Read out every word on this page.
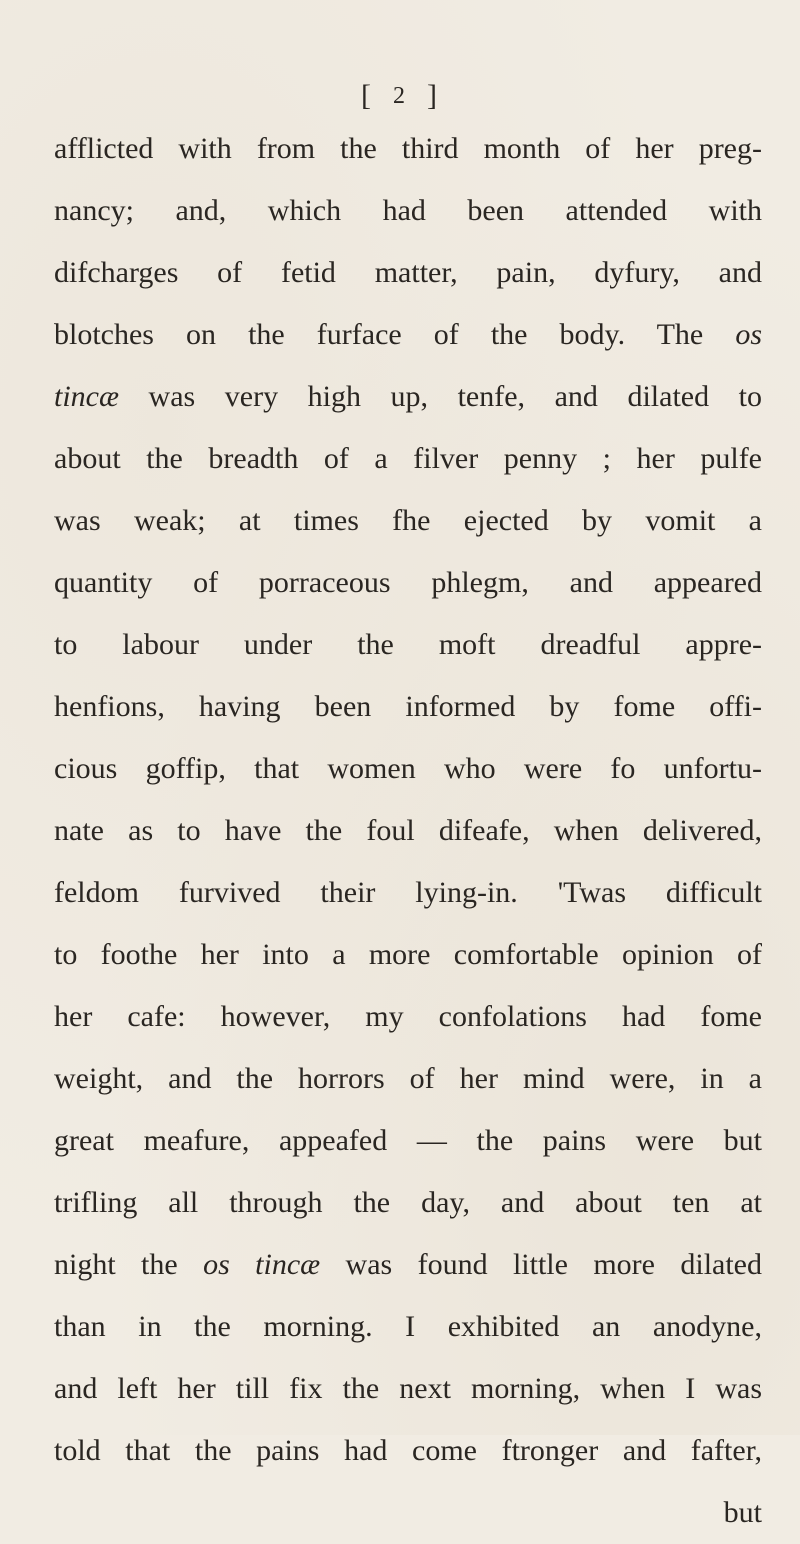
[ 2 ]
afflicted with from the third month of her preg-
nancy; and, which had been attended with
difcharges of fetid matter, pain, dyfury, and
blotches on the furface of the body. The os
tincæ was very high up, tenfe, and dilated to
about the breadth of a filver penny ; her pulfe
was weak; at times fhe ejected by vomit a
quantity of porraceous phlegm, and appeared
to labour under the moft dreadful appre-
henfions, having been informed by fome offi-
cious goffip, that women who were fo unfortu-
nate as to have the foul difeafe, when delivered,
feldom furvived their lying-in. 'Twas difficult
to foothe her into a more comfortable opinion of
her cafe: however, my confolations had fome
weight, and the horrors of her mind were, in a
great meafure, appeafed — the pains were but
trifling all through the day, and about ten at
night the os tincæ was found little more dilated
than in the morning. I exhibited an anodyne,
and left her till fix the next morning, when I was
told that the pains had come ftronger and fafter,
but
